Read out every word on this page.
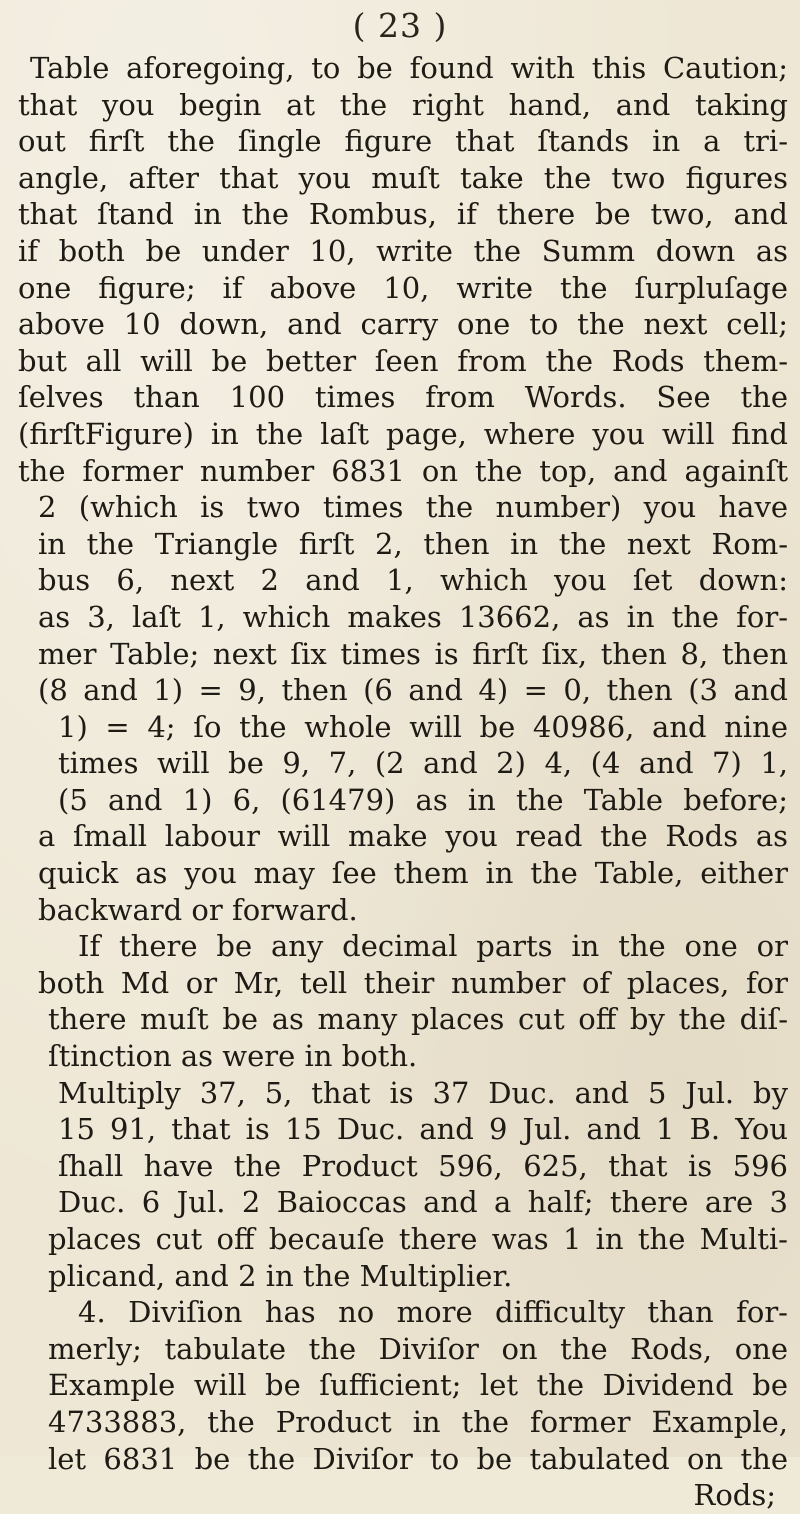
( 23 )
Table aforegoing, to be found with this Caution;
that you begin at the right hand, and taking
out firſt the ſingle figure that ſtands in a tri-
angle, after that you muſt take the two figures
that ſtand in the Rombus, if there be two, and
if both be under 10, write the Summ down as
one figure; if above 10, write the ſurpluſage
above 10 down, and carry one to the next cell;
but all will be better ſeen from the Rods them-
ſelves than 100 times from Words. See the
(firſtFigure) in the laſt page, where you will find
the former number 6831 on the top, and againſt
2 (which is two times the number) you have
in the Triangle firſt 2, then in the next Rom-
bus 6, next 2 and 1, which you ſet down:
as 3, laſt 1, which makes 13662, as in the for-
mer Table; next ſix times is firſt ſix, then 8, then
(8 and 1) = 9, then (6 and 4) = 0, then (3 and
1) = 4; ſo the whole will be 40986, and nine
times will be 9, 7, (2 and 2) 4, (4 and 7) 1,
(5 and 1) 6, (61479) as in the Table before;
a ſmall labour will make you read the Rods as
quick as you may ſee them in the Table, either
backward or forward.
If there be any decimal parts in the one or
both Md or Mr, tell their number of places, for
there muſt be as many places cut off by the diſ-
ſtinction as were in both.
Multiply 37, 5, that is 37 Duc. and 5 Jul. by
15 91, that is 15 Duc. and 9 Jul. and 1 B. You
ſhall have the Product 596, 625, that is 596
Duc. 6 Jul. 2 Baioccas and a half; there are 3
places cut off becauſe there was 1 in the Multi-
plicand, and 2 in the Multiplier.
4. Diviſion has no more difficulty than for-
merly; tabulate the Diviſor on the Rods, one
Example will be ſufficient; let the Dividend be
4733883, the Product in the former Example,
let 6831 be the Diviſor to be tabulated on the
Rods;
